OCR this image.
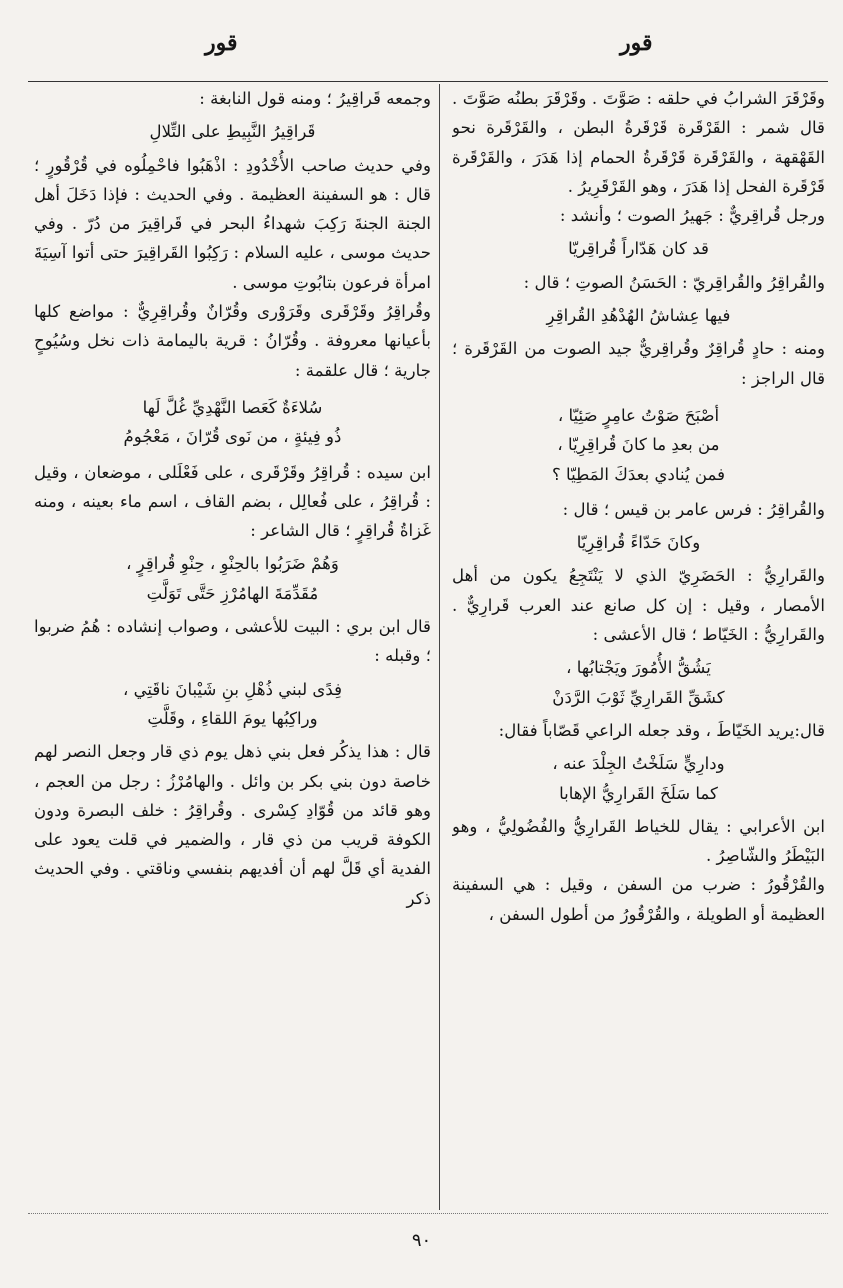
قور
قور

وقَرْقَرَ الشرابُ في حلقه : صَوَّتَ . وقَرْقَرَ بطنُه صَوَّتَ . قال شمر : القَرْقَرة قَرْقَرةُ البطن ، والقَرْقَرة نحو القَهْقهة ، والقَرْقَرة قَرْقَرةُ الحمام إذا هَدَرَ ، والقَرْقَرة قَرْقَرة الفحل إذا هَدَرَ ، وهو القَرْقَرِيرُ .

ورجل قُراقِريٌّ : جَهيرُ الصوت ؛ وأنشد :

قد كان هَدّاراً قُراقِريّا

والقُراقِرُ والقُراقِريّ : الحَسَنُ الصوتِ ؛ قال :

فيها عِشاشُ الهُدْهُدِ القُراقِرِ

ومنه : حادٍ قُراقِرٌ وقُراقِريٌّ جيد الصوت من القَرْقَرة ؛ قال الراجز :

أصْبَحَ صَوْتُ عامِرٍ صَئِيّا ،
من بعدِ ما كانَ قُراقِرِيّا ،
فمن يُنادي بعدَكَ المَطِيّا ؟

والقُراقِرُ : فرس عامر بن قيس ؛ قال :

وكانَ حَدّاءً قُراقِرِيّا

والقَرارِيُّ : الحَضَرِيّ الذي لا يَنْتَجِعُ يكون من أهل الأمصار ، وقيل : إن كل صانع عند العرب قَرارِيٌّ . والقَرارِيُّ : الخَيّاط ؛ قال الأعشى :

يَشُقُّ الأُمُورَ ويَجْتابُها ،
كشَقِّ القَرارِيِّ ثَوْبَ الرَّدَنْ

قال:يريد الخَيّاطَ ، وقد جعله الراعي قَصّاباً فقال:

ودارِيٍّ سَلَخْتُ الجِلْدَ عنه ،
كما سَلَخَ القَرارِيُّ الإهابا

ابن الأعرابي : يقال للخياط القَرارِيُّ والفُضُولِيُّ ، وهو البَيْطَرُ والشّاصِرُ .

والقُرْقُورُ : ضرب من السفن ، وقيل : هي السفينة العظيمة أو الطويلة ، والقُرْقُورُ من أطول السفن ،

وجمعه قَراقِيرُ ؛ ومنه قول النابغة :

قَراقِيرُ النَّبِيطِ على التِّلالِ

وفي حديث صاحب الأُخْدُودِ : اذْهَبُوا فاحْمِلُوه في قُرْقُورٍ ؛ قال : هو السفينة العظيمة . وفي الحديث : فإذا دَخَلَ أهل الجنة الجنةَ رَكِبَ شهداءُ البحر في قَراقِيرَ من دُرّ . وفي حديث موسى ، عليه السلام : رَكِبُوا القَراقِيرَ حتى أتوا آسِيَةَ امرأة فرعون بتابُوتِ موسى .

وقُراقِرُ وقَرْقَرى وقَرَوْرى وقُرّانٌ وقُراقِرِيٌّ : مواضع كلها بأعيانها معروفة . وقُرّانُ : قرية باليمامة ذات نخل وسُيُوحٍ جارية ؛ قال علقمة :

سُلاءَةٌ كَعَصا النَّهْدِيِّ غُلَّ لَها
ذُو فِيئةٍ ، من نَوى قُرّانَ ، مَعْجُومُ

ابن سيده : قُراقِرُ وقَرْقَرى ، على فَعْلَلى ، موضعان ، وقيل : قُراقِرُ ، على فُعالِل ، بضم القاف ، اسم ماء بعينه ، ومنه غَزاةُ قُراقِرٍ ؛ قال الشاعر :

وَهُمْ ضَرَبُوا بالحِنْوِ ، حِنْوِ قُراقِرٍ ،
مُقَدِّمَةَ الهامُرْزِ حَتَّى تَوَلَّتِ

قال ابن بري : البيت للأعشى ، وصواب إنشاده : هُمُ ضربوا ؛ وقبله :

فِدًى لبني ذُهْلِ بنِ شَيْبانَ ناقَتِي ،
وراكِبُها يومَ اللقاءِ ، وقَلَّتِ

قال : هذا يذكُر فعل بني ذهل يوم ذي قار وجعل النصر لهم خاصة دون بني بكر بن وائل . والهامُرْزُ : رجل من العجم ، وهو قائد من قُوّادِ كِسْرى . وقُراقِرُ : خلف البصرة ودون الكوفة قريب من ذي قار ، والضمير في قلت يعود على الفدية أي قَلَّ لهم أن أفديهم بنفسي وناقتي . وفي الحديث ذكر

٩٠
